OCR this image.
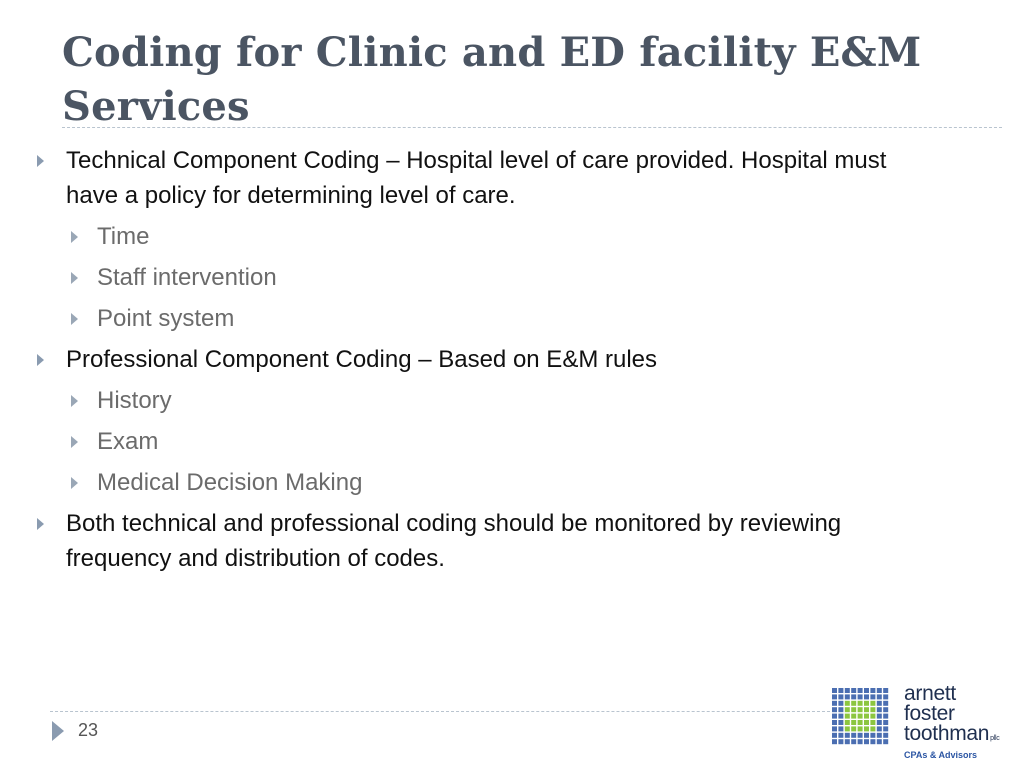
Coding for Clinic and ED facility E&M Services
Technical Component Coding – Hospital level of care provided. Hospital must have a policy for determining level of care.
Time
Staff intervention
Point system
Professional Component Coding – Based on E&M rules
History
Exam
Medical Decision Making
Both technical and professional coding should be monitored by reviewing frequency and distribution of codes.
23
arnett
foster
toothmanpllc
CPAs & Advisors
